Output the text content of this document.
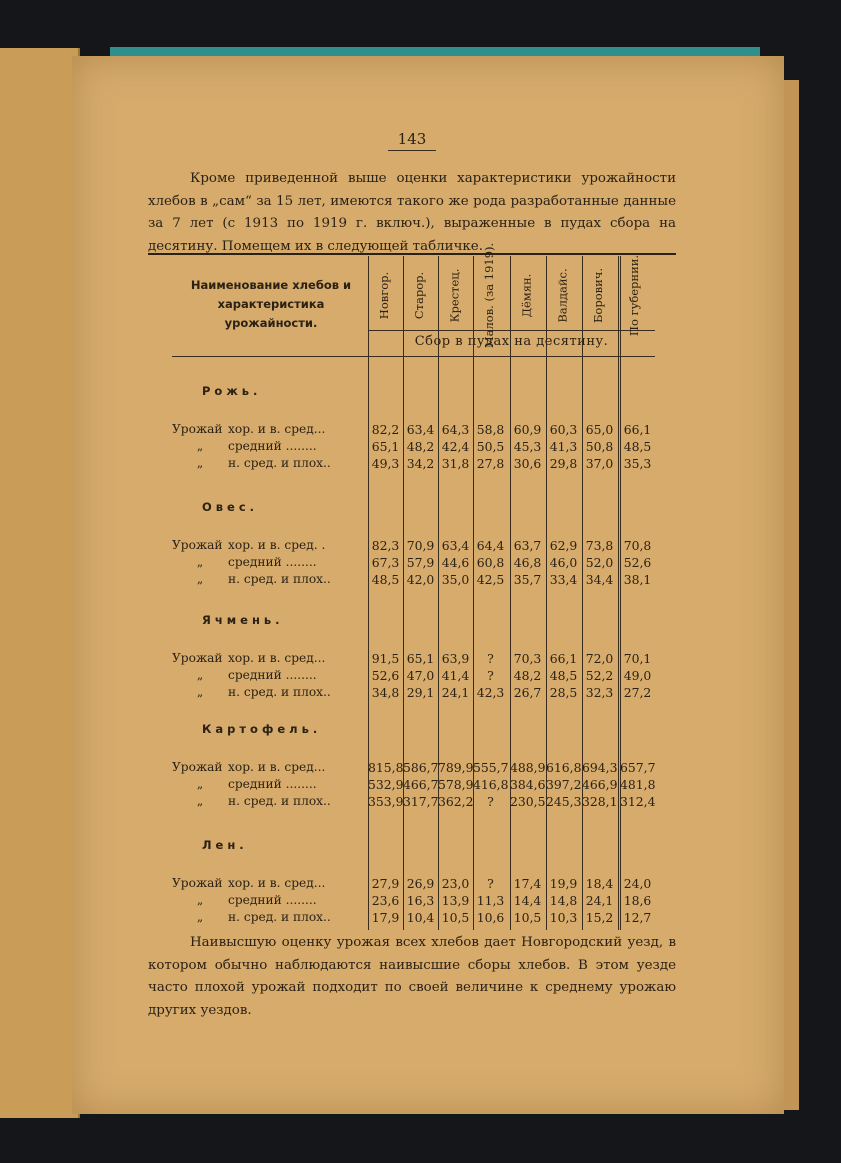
143
Кроме приведенной выше оценки характеристики урожайности хлебов в „сам“ за 15 лет, имеются такого же рода разработанные данные за 7 лет (с 1913 по 1919 г. включ.), выраженные в пудах сбора на десятину. Помещем их в следующей табличке.
Наименование хлебов и характеристика урожайности.
Сбор в пудах на десятину.
Новгор. Старор. Крестец. Малов. (за 1919). Дёмян. Валдайс. Борович. По губернии.
Рожь.
Урожай хор. и в. сред...	82,2 63,4 64,3 58,8 60,9 60,3 65,0 66,1
„ средний ........	65,1 48,2 42,4 50,5 45,3 41,3 50,8 48,5
„ н. сред. и плох..	49,3 34,2 31,8 27,8 30,6 29,8 37,0 35,3
Овес.
Урожай хор. и в. сред. .	82,3 70,9 63,4 64,4 63,7 62,9 73,8 70,8
„ средний ........	67,3 57,9 44,6 60,8 46,8 46,0 52,0 52,6
„ н. сред. и плох..	48,5 42,0 35,0 42,5 35,7 33,4 34,4 38,1
Ячмень.
Урожай хор. и в. сред...	91,5 65,1 63,9	?	70,3 66,1 72,0 70,1
„ средний ........	52,6 47,0 41,4	?	48,2 48,5 52,2 49,0
„ н. сред. и плох..	34,8 29,1 24,1 42,3 26,7 28,5 32,3 27,2
Картофель.
Урожай хор. и в. сред...	815,8 586,7 789,9 555,7 488,9 616,8 694,3 657,7
„ средний ........	532,9 466,7 578,9 416,8 384,6 397,2 466,9 481,8
„ н. сред. и плох..	353,9 317,7 362,2	?	230,5 245,3 328,1 312,4
Лен.
Урожай хор. и в. сред...	27,9 26,9 23,0	?	17,4 19,9 18,4 24,0
„ средний ........	23,6 16,3 13,9 11,3 14,4 14,8 24,1 18,6
„ н. сред. и плох..	17,9 10,4 10,5 10,6 10,5 10,3 15,2 12,7
Наивысшую оценку урожая всех хлебов дает Новгородский уезд, в котором обычно наблюдаются наивысшие сборы хлебов. В этом уезде часто плохой урожай подходит по своей величине к среднему урожаю других уездов.
